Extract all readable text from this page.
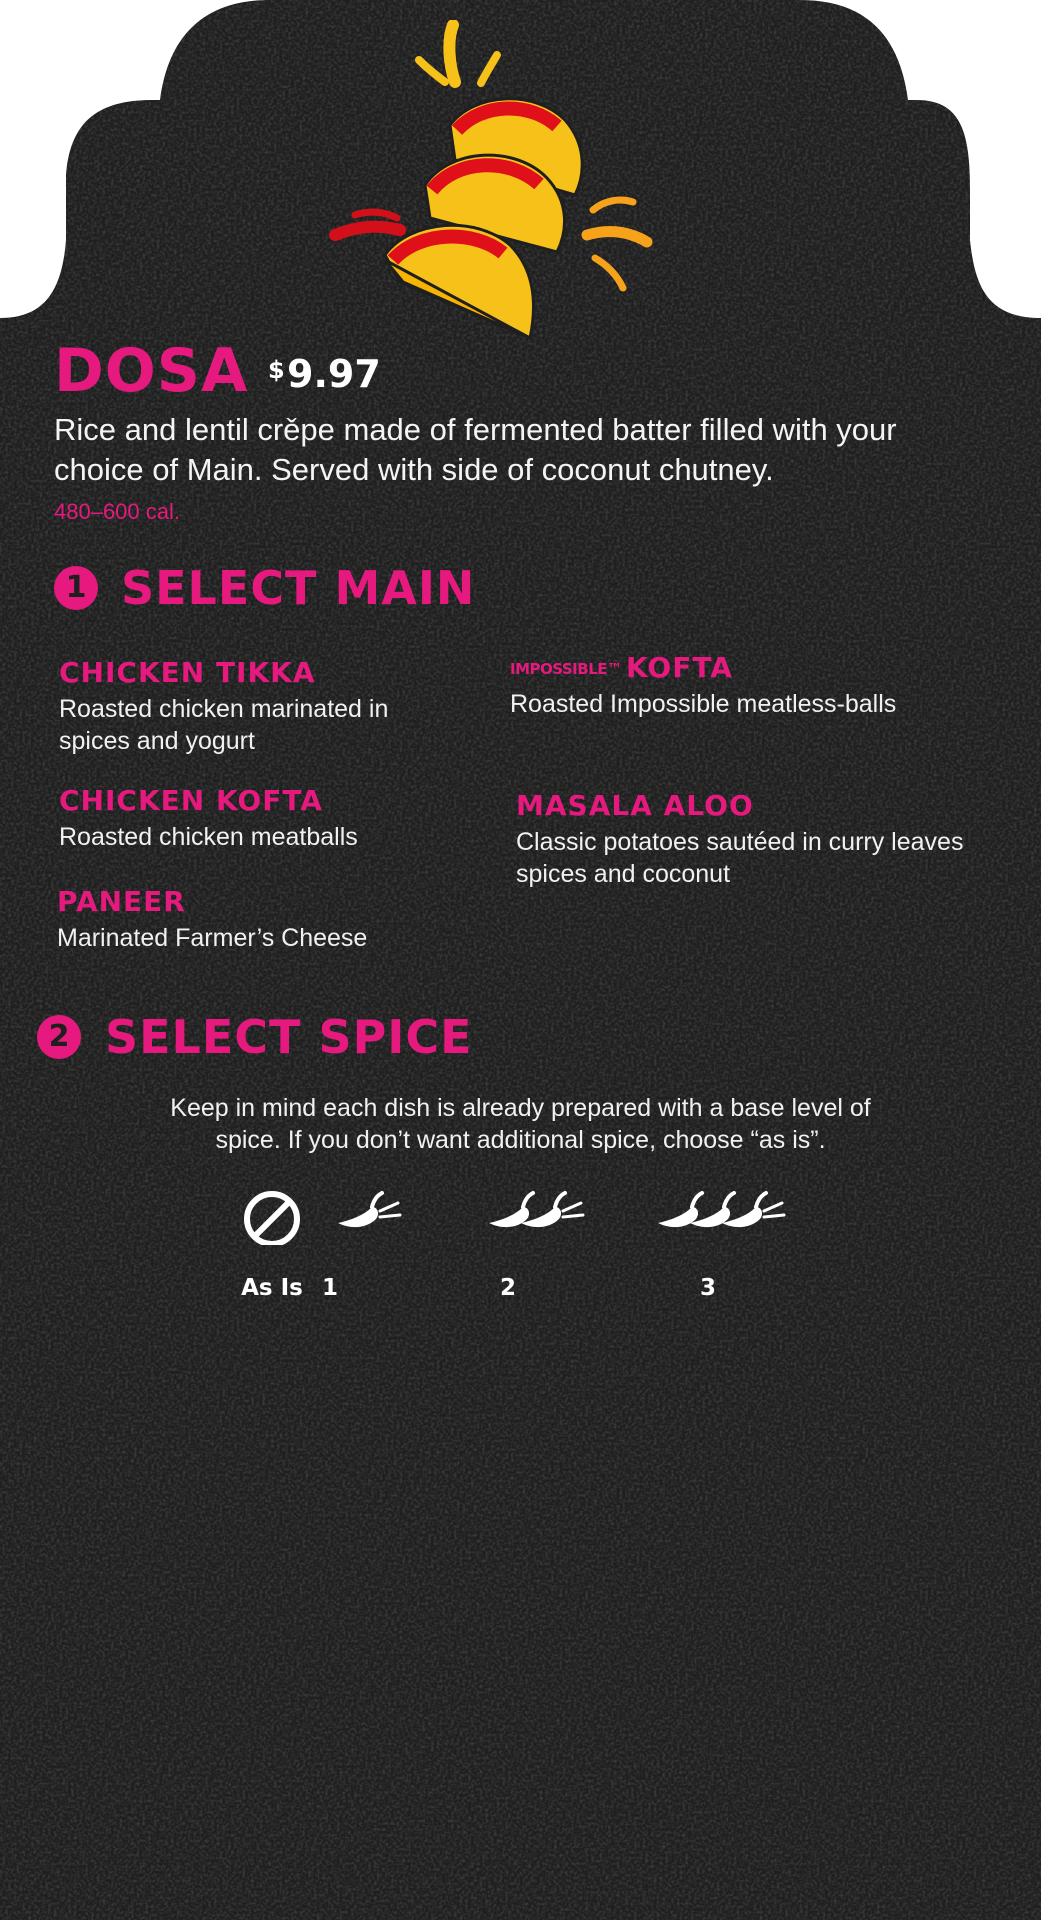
DOSA $ 9.97
Rice and lentil crěpe made of fermented batter filled with your
choice of Main. Served with side of coconut chutney.
480–600 cal.
1 SELECT MAIN
CHICKEN TIKKA
Roasted chicken marinated in
spices and yogurt
IMPOSSIBLE™ KOFTA
Roasted Impossible meatless-balls
CHICKEN KOFTA
Roasted chicken meatballs
MASALA ALOO
Classic potatoes sautéed in curry leaves
spices and coconut
PANEER
Marinated Farmer’s Cheese
2 SELECT SPICE
Keep in mind each dish is already prepared with a base level of
spice. If you don’t want additional spice, choose “as is”.
As Is 1	2	3
